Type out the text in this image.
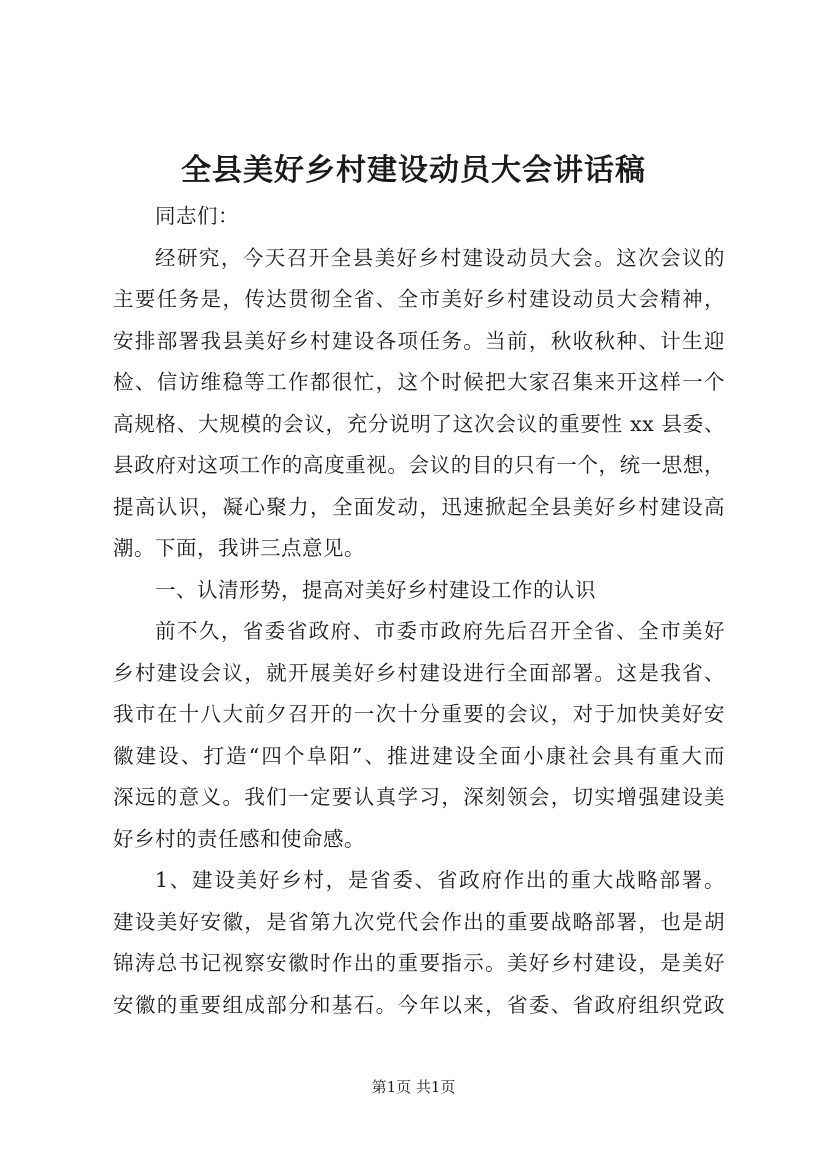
全县美好乡村建设动员大会讲话稿
同志们：
经研究，今天召开全县美好乡村建设动员大会。这次会议的
主要任务是，传达贯彻全省、全市美好乡村建设动员大会精神，
安排部署我县美好乡村建设各项任务。当前，秋收秋种、计生迎
检、信访维稳等工作都很忙，这个时候把大家召集来开这样一个
高规格、大规模的会议，充分说明了这次会议的重要性 xx 县委、
县政府对这项工作的高度重视。会议的目的只有一个，统一思想，
提高认识，凝心聚力，全面发动，迅速掀起全县美好乡村建设高
潮。下面，我讲三点意见。
一、认清形势，提高对美好乡村建设工作的认识
前不久，省委省政府、市委市政府先后召开全省、全市美好
乡村建设会议，就开展美好乡村建设进行全面部署。这是我省、
我市在十八大前夕召开的一次十分重要的会议，对于加快美好安
徽建设、打造“四个阜阳”、推进建设全面小康社会具有重大而
深远的意义。我们一定要认真学习，深刻领会，切实增强建设美
好乡村的责任感和使命感。
1、建设美好乡村，是省委、省政府作出的重大战略部署。
建设美好安徽，是省第九次党代会作出的重要战略部署，也是胡
锦涛总书记视察安徽时作出的重要指示。美好乡村建设，是美好
安徽的重要组成部分和基石。今年以来，省委、省政府组织党政
第1页 共1页
